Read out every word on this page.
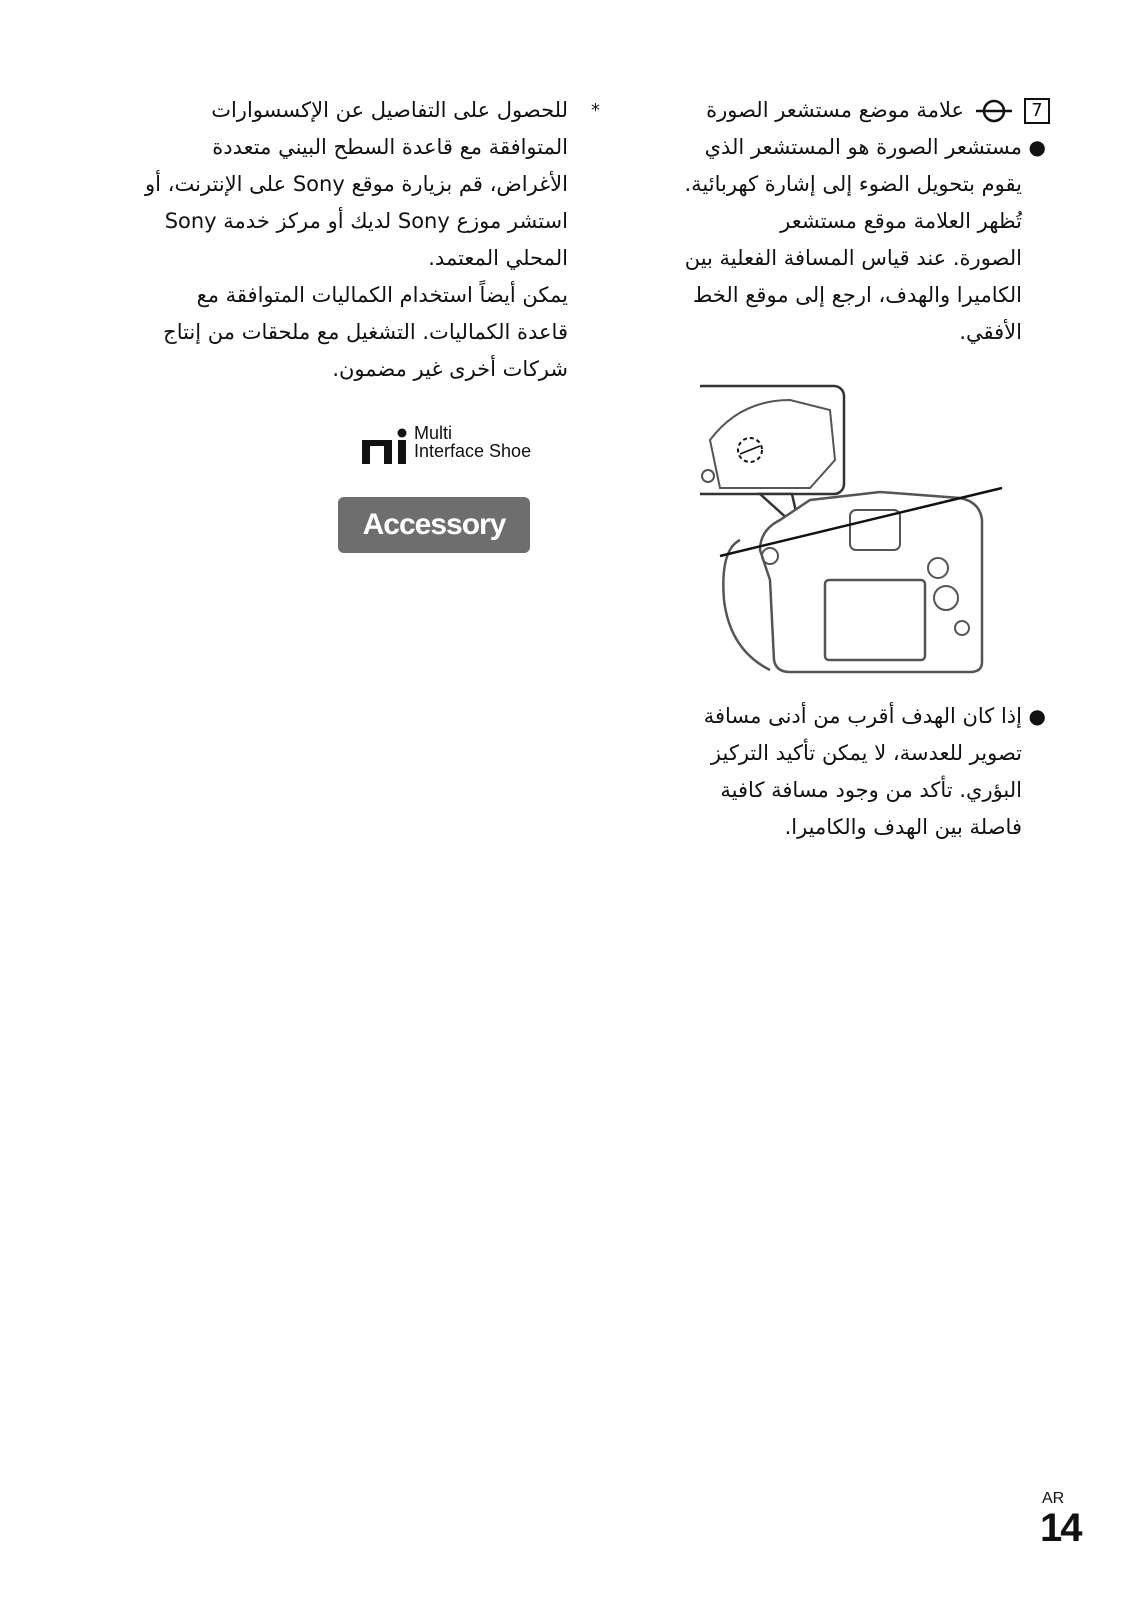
7
علامة موضع مستشعر الصورة
●

مستشعر الصورة هو المستشعر الذي

يقوم بتحويل الضوء إلى إشارة كهربائية.

تُظهر العلامة موقع مستشعر

الصورة. عند قياس المسافة الفعلية بين

الكاميرا والهدف، ارجع إلى موقع الخط

الأفقي.

●

إذا كان الهدف أقرب من أدنى مسافة

تصوير للعدسة، لا يمكن تأكيد التركيز

البؤري. تأكد من وجود مسافة كافية

فاصلة بين الهدف والكاميرا.

*

للحصول على التفاصيل عن الإكسسوارات

المتوافقة مع قاعدة السطح البيني متعددة

الأغراض، قم بزيارة موقع Sony على الإنترنت، أو

استشر موزع Sony لديك أو مركز خدمة Sony

المحلي المعتمد.

يمكن أيضاً استخدام الكماليات المتوافقة مع

قاعدة الكماليات. التشغيل مع ملحقات من إنتاج

شركات أخرى غير مضمون.

Multi
Interface Shoe
Accessory Shoe
AR
14
